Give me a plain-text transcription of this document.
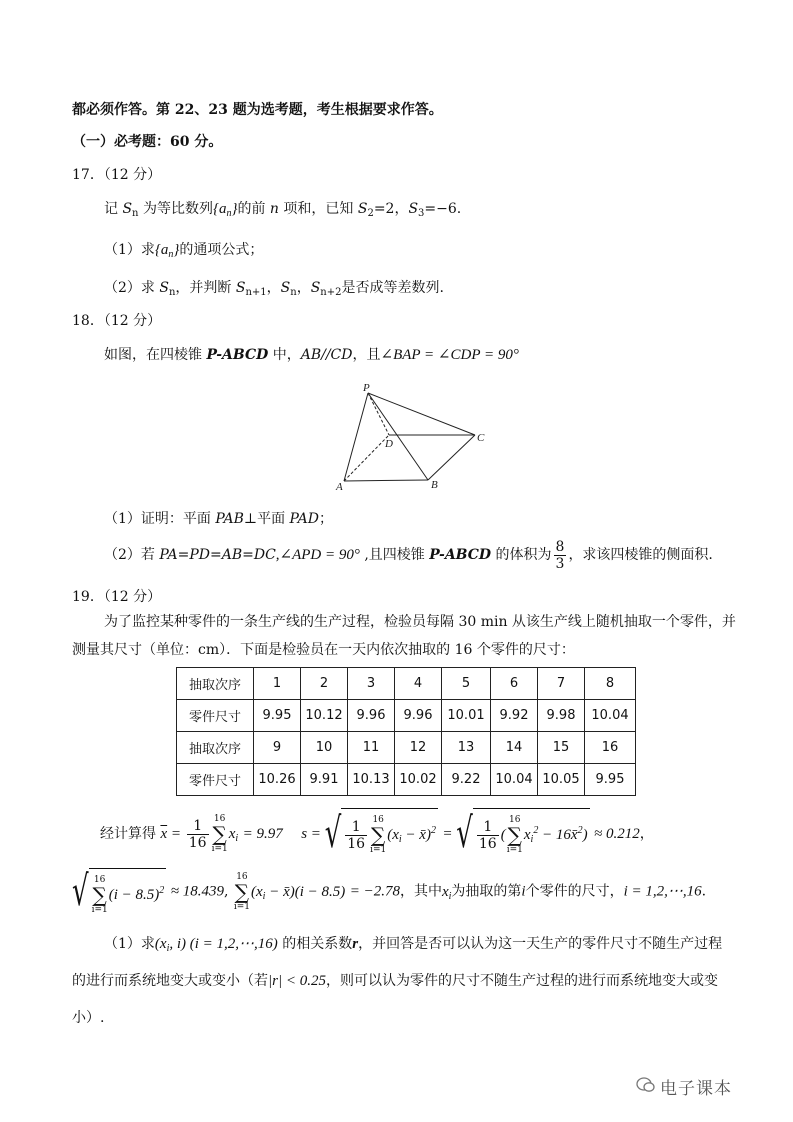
都必须作答。第 22、23 题为选考题，考生根据要求作答。
（一）必考题：60 分。
17．（12 分）
记 $S_n$ 为等比数列$\{a_n\}$的前 n 项和，已知 $S_2=2$，$S_3=-6$.
（1）求$\{a_n\}$的通项公式；
（2）求 $S_n$，并判断 $S_{n+1}$，$S_n$，$S_{n+2}$是否成等差数列.
18．（12 分）
如图，在四棱锥 P-ABCD 中，AB//CD，且∠BAP = ∠CDP = 90°
P
A	B
C
D
（1）证明：平面 PAB⊥平面 PAD；
（2）若 PA=PD=AB=DC,∠APD = 90° ,且四棱锥 P-ABCD 的体积为 $\frac{8}{3}$ ，求该四棱锥的侧面积.
19．（12 分）
为了监控某种零件的一条生产线的生产过程，检验员每隔 30 min 从该生产线上随机抽取一个零件，并
测量其尺寸（单位：cm）．下面是检验员在一天内依次抽取的 16 个零件的尺寸：
抽取次序	1	2	3	4	5	6	7	8
零件尺寸	9.95	10.12	9.96	9.96	10.01	9.92	9.98	10.04
抽取次序	9	10	11	12	13	14	15	16
零件尺寸	10.26	9.91	10.13	10.02	9.22	10.04	10.05	9.95
经计算得 $\overline{x} = \frac{1}{16} 16$
∑
i=1
$x_i = 9.97$ s = √ $\frac{1}{16} 16$
∑
i=1
($x_i$ − x̄)$^2$ = √ $\frac{1}{16}$ (
16
∑
i=1
$x_i^2$ − 16x̄$^2$) ≈ 0.212，
√ 16
∑
i=1
$(i - 8.5)^2 \approx 18.439$,
16
∑
i=1
($x_i$ − x̄)(i − 8.5) = −2.78，其中$x_i$为抽取的第i个零件的尺寸，i = 1,2,⋯,16.
（1）求($x_i$, i) (i = 1,2,⋯,16) 的相关系数r，并回答是否可以认为这一天生产的零件尺寸不随生产过程
的进行而系统地变大或变小（若|r| < 0.25，则可以认为零件的尺寸不随生产过程的进行而系统地变大或变
小）.
电子课本
